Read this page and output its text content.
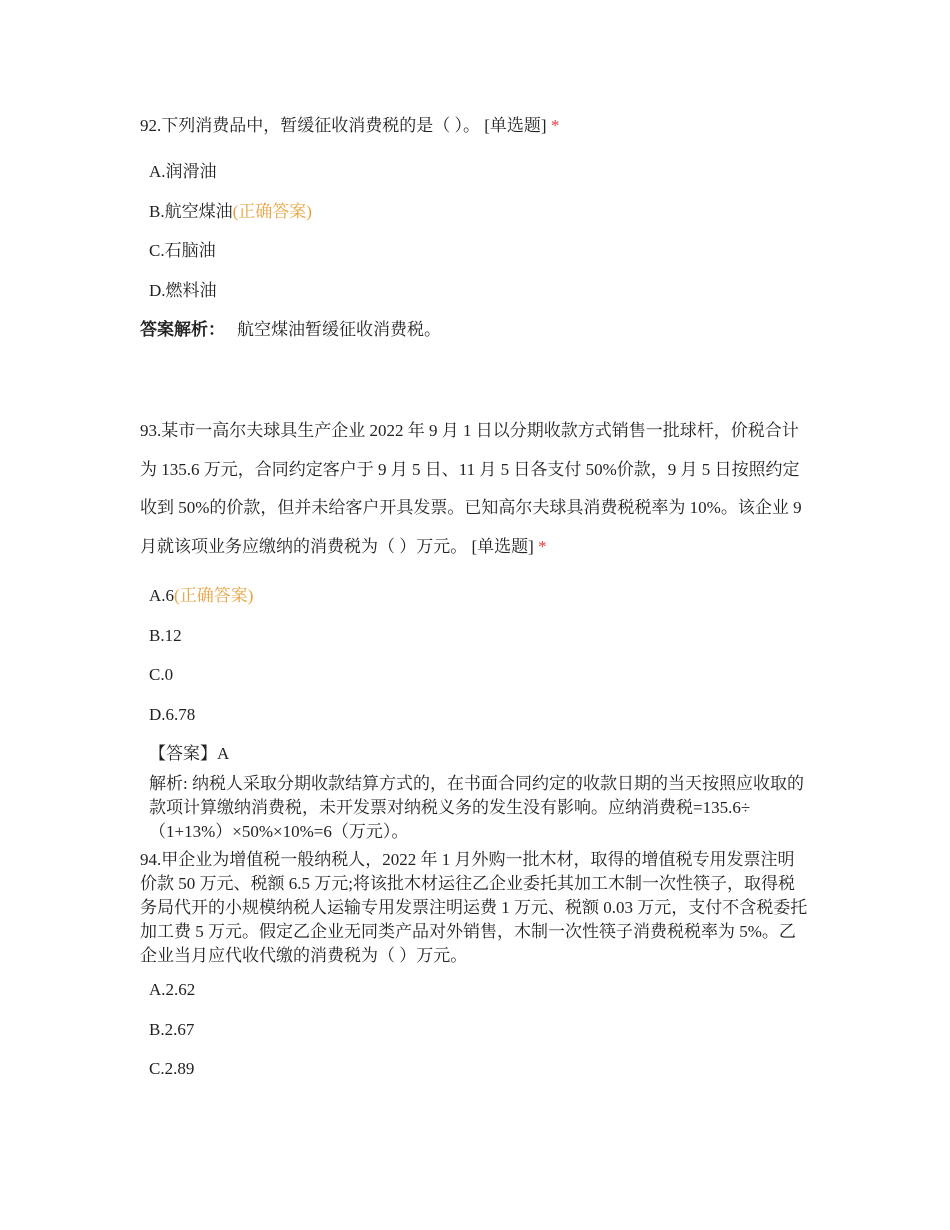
92.下列消费品中，暂缓征收消费税的是（ ）。 [单选题] *

A.润滑油
B.航空煤油(正确答案)
C.石脑油
D.燃料油

答案解析： 航空煤油暂缓征收消费税。

93.某市一高尔夫球具生产企业 2022 年 9 月 1 日以分期收款方式销售一批球杆，价税合计为 135.6 万元，合同约定客户于 9 月 5 日、11 月 5 日各支付 50%价款，9 月 5 日按照约定收到 50%的价款，但并未给客户开具发票。已知高尔夫球具消费税税率为 10%。该企业 9 月就该项业务应缴纳的消费税为（ ）万元。 [单选题] *

A.6(正确答案)
B.12
C.0
D.6.78
【答案】A
解析: 纳税人采取分期收款结算方式的，在书面合同约定的收款日期的当天按照应收取的款项计算缴纳消费税，未开发票对纳税义务的发生没有影响。应纳消费税=135.6÷（1+13%）×50%×10%=6（万元）。

94.甲企业为增值税一般纳税人，2022 年 1 月外购一批木材，取得的增值税专用发票注明价款 50 万元、税额 6.5 万元;将该批木材运往乙企业委托其加工木制一次性筷子，取得税务局代开的小规模纳税人运输专用发票注明运费 1 万元、税额 0.03 万元，支付不含税委托加工费 5 万元。假定乙企业无同类产品对外销售，木制一次性筷子消费税税率为 5%。乙企业当月应代收代缴的消费税为（ ）万元。

A.2.62
B.2.67
C.2.89
